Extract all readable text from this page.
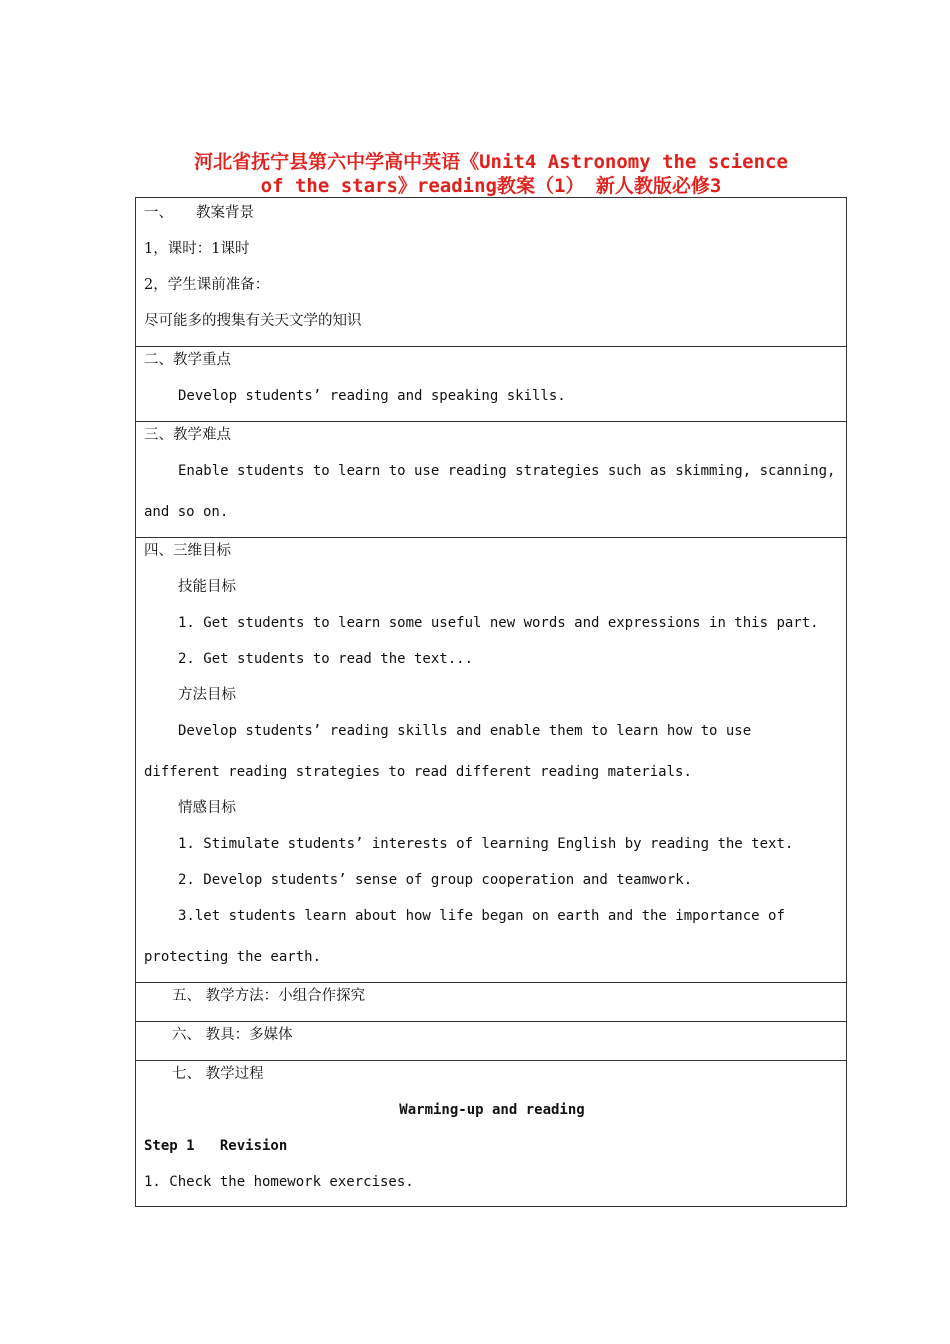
河北省抚宁县第六中学高中英语《Unit4 Astronomy the science
of the stars》reading教案（1） 新人教版必修3
一、     教案背景
1，课时：1课时
2，学生课前准备：
尽可能多的搜集有关天文学的知识
二、教学重点
Develop students’ reading and speaking skills.
三、教学难点
Enable students to learn to use reading strategies such as skimming, scanning,
and so on.
四、三维目标
技能目标
1. Get students to learn some useful new words and expressions in this part.
2. Get students to read the text...
方法目标
Develop students’ reading skills and enable them to learn how to use
different reading strategies to read different reading materials.
情感目标
1. Stimulate students’ interests of learning English by reading the text.
2. Develop students’ sense of group cooperation and teamwork.
3.let students learn about how life began on earth and the importance of
protecting the earth.
五、 教学方法：小组合作探究
六、 教具：多媒体
七、 教学过程
Warming-up and reading
Step 1   Revision
1. Check the homework exercises.
